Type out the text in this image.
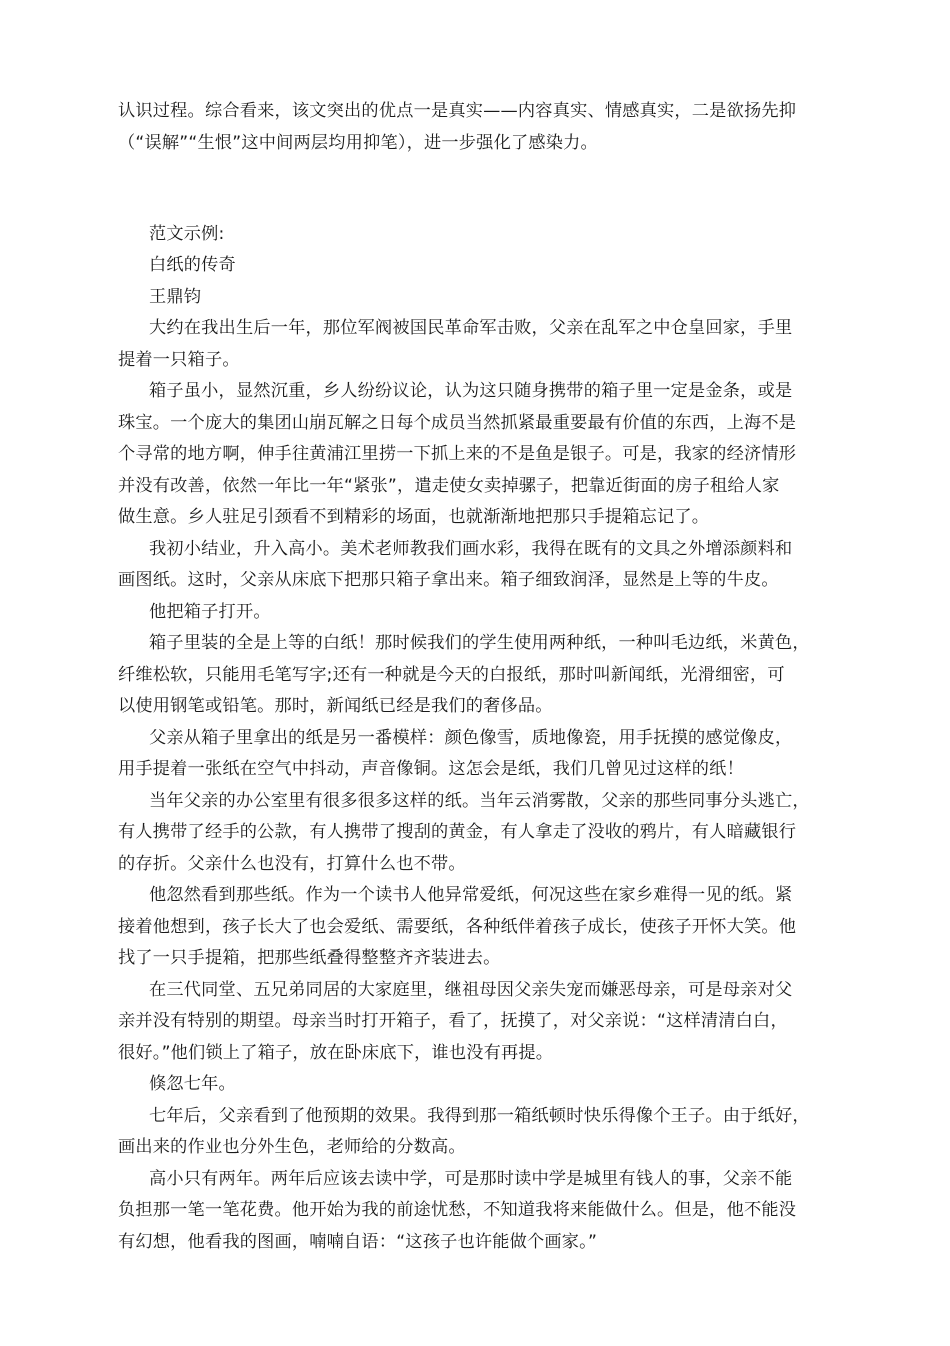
认识过程。综合看来，该文突出的优点一是真实——内容真实、情感真实，二是欲扬先抑
（“误解”“生恨”这中间两层均用抑笔），进一步强化了感染力。
范文示例:
白纸的传奇
王鼎钧
大约在我出生后一年，那位军阀被国民革命军击败，父亲在乱军之中仓皇回家，手里
提着一只箱子。
箱子虽小，显然沉重，乡人纷纷议论，认为这只随身携带的箱子里一定是金条，或是
珠宝。一个庞大的集团山崩瓦解之日每个成员当然抓紧最重要最有价值的东西，上海不是
个寻常的地方啊，伸手往黄浦江里捞一下抓上来的不是鱼是银子。可是，我家的经济情形
并没有改善，依然一年比一年“紧张”，遣走使女卖掉骡子，把靠近街面的房子租给人家
做生意。乡人驻足引颈看不到精彩的场面，也就渐渐地把那只手提箱忘记了。
我初小结业，升入高小。美术老师教我们画水彩，我得在既有的文具之外增添颜料和
画图纸。这时，父亲从床底下把那只箱子拿出来。箱子细致润泽，显然是上等的牛皮。
他把箱子打开。
箱子里装的全是上等的白纸！那时候我们的学生使用两种纸，一种叫毛边纸，米黄色，
纤维松软，只能用毛笔写字;还有一种就是今天的白报纸，那时叫新闻纸，光滑细密，可
以使用钢笔或铅笔。那时，新闻纸已经是我们的奢侈品。
父亲从箱子里拿出的纸是另一番模样：颜色像雪，质地像瓷，用手抚摸的感觉像皮，
用手提着一张纸在空气中抖动，声音像铜。这怎会是纸，我们几曾见过这样的纸！
当年父亲的办公室里有很多很多这样的纸。当年云消雾散，父亲的那些同事分头逃亡，
有人携带了经手的公款，有人携带了搜刮的黄金，有人拿走了没收的鸦片，有人暗藏银行
的存折。父亲什么也没有，打算什么也不带。
他忽然看到那些纸。作为一个读书人他异常爱纸，何况这些在家乡难得一见的纸。紧
接着他想到，孩子长大了也会爱纸、需要纸，各种纸伴着孩子成长，使孩子开怀大笑。他
找了一只手提箱，把那些纸叠得整整齐齐装进去。
在三代同堂、五兄弟同居的大家庭里，继祖母因父亲失宠而嫌恶母亲，可是母亲对父
亲并没有特别的期望。母亲当时打开箱子，看了，抚摸了，对父亲说：“这样清清白白，
很好。”他们锁上了箱子，放在卧床底下，谁也没有再提。
倏忽七年。
七年后，父亲看到了他预期的效果。我得到那一箱纸顿时快乐得像个王子。由于纸好，
画出来的作业也分外生色，老师给的分数高。
高小只有两年。两年后应该去读中学，可是那时读中学是城里有钱人的事，父亲不能
负担那一笔一笔花费。他开始为我的前途忧愁，不知道我将来能做什么。但是，他不能没
有幻想，他看我的图画，喃喃自语：“这孩子也许能做个画家。”
